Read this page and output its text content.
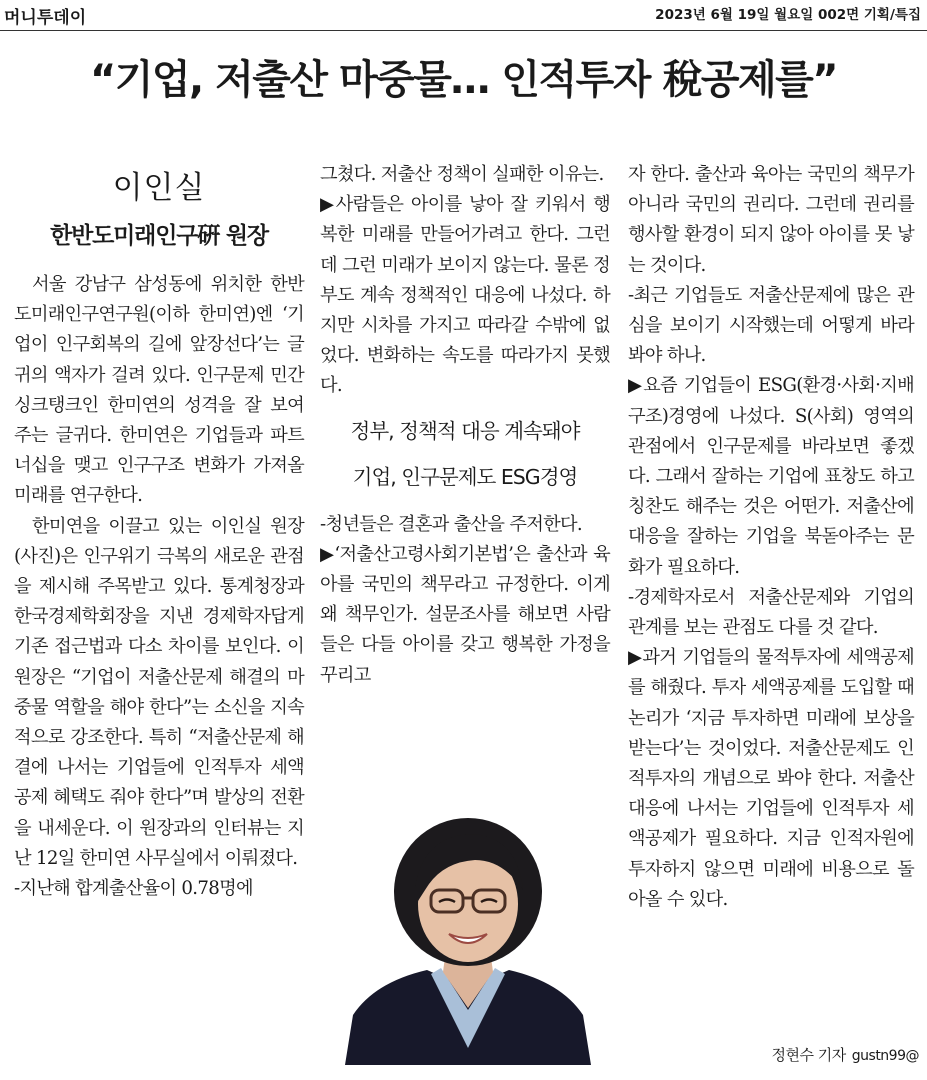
머니투데이	2023년 6월 19일 월요일 002면 기획/특집
“기업, 저출산 마중물… 인적투자 稅공제를”
이인실
한반도미래인구硏 원장

서울 강남구 삼성동에 위치한 한반도미래인구연구원(이하 한미연)엔 ‘기업이 인구회복의 길에 앞장선다’는 글귀의 액자가 걸려 있다. 인구문제 민간 싱크탱크인 한미연의 성격을 잘 보여주는 글귀다. 한미연은 기업들과 파트너십을 맺고 인구구조 변화가 가져올 미래를 연구한다.

한미연을 이끌고 있는 이인실 원장(사진)은 인구위기 극복의 새로운 관점을 제시해 주목받고 있다. 통계청장과 한국경제학회장을 지낸 경제학자답게 기존 접근법과 다소 차이를 보인다. 이 원장은 “기업이 저출산문제 해결의 마중물 역할을 해야 한다”는 소신을 지속적으로 강조한다. 특히 “저출산문제 해결에 나서는 기업들에 인적투자 세액공제 혜택도 줘야 한다”며 발상의 전환을 내세운다. 이 원장과의 인터뷰는 지난 12일 한미연 사무실에서 이뤄졌다.

-지난해 합계출산율이 0.78명에

그쳤다. 저출산 정책이 실패한 이유는.

▶사람들은 아이를 낳아 잘 키워서 행복한 미래를 만들어가려고 한다. 그런데 그런 미래가 보이지 않는다. 물론 정부도 계속 정책적인 대응에 나섰다. 하지만 시차를 가지고 따라갈 수밖에 없었다. 변화하는 속도를 따라가지 못했다.

정부, 정책적 대응 계속돼야
기업, 인구문제도 ESG경영

-청년들은 결혼과 출산을 주저한다.

▶‘저출산고령사회기본법’은 출산과 육아를 국민의 책무라고 규정한다. 이게 왜 책무인가. 설문조사를 해보면 사람들은 다들 아이를 갖고 행복한 가정을 꾸리고

자 한다. 출산과 육아는 국민의 책무가 아니라 국민의 권리다. 그런데 권리를 행사할 환경이 되지 않아 아이를 못 낳는 것이다.

-최근 기업들도 저출산문제에 많은 관심을 보이기 시작했는데 어떻게 바라봐야 하나.

▶요즘 기업들이 ESG(환경·사회·지배구조)경영에 나섰다. S(사회) 영역의 관점에서 인구문제를 바라보면 좋겠다. 그래서 잘하는 기업에 표창도 하고 칭찬도 해주는 것은 어떤가. 저출산에 대응을 잘하는 기업을 북돋아주는 문화가 필요하다.

-경제학자로서 저출산문제와 기업의 관계를 보는 관점도 다를 것 같다.

▶과거 기업들의 물적투자에 세액공제를 해줬다. 투자 세액공제를 도입할 때 논리가 ‘지금 투자하면 미래에 보상을 받는다’는 것이었다. 저출산문제도 인적투자의 개념으로 봐야 한다. 저출산 대응에 나서는 기업들에 인적투자 세액공제가 필요하다. 지금 인적자원에 투자하지 않으면 미래에 비용으로 돌아올 수 있다.

정현수 기자 gustn99@
